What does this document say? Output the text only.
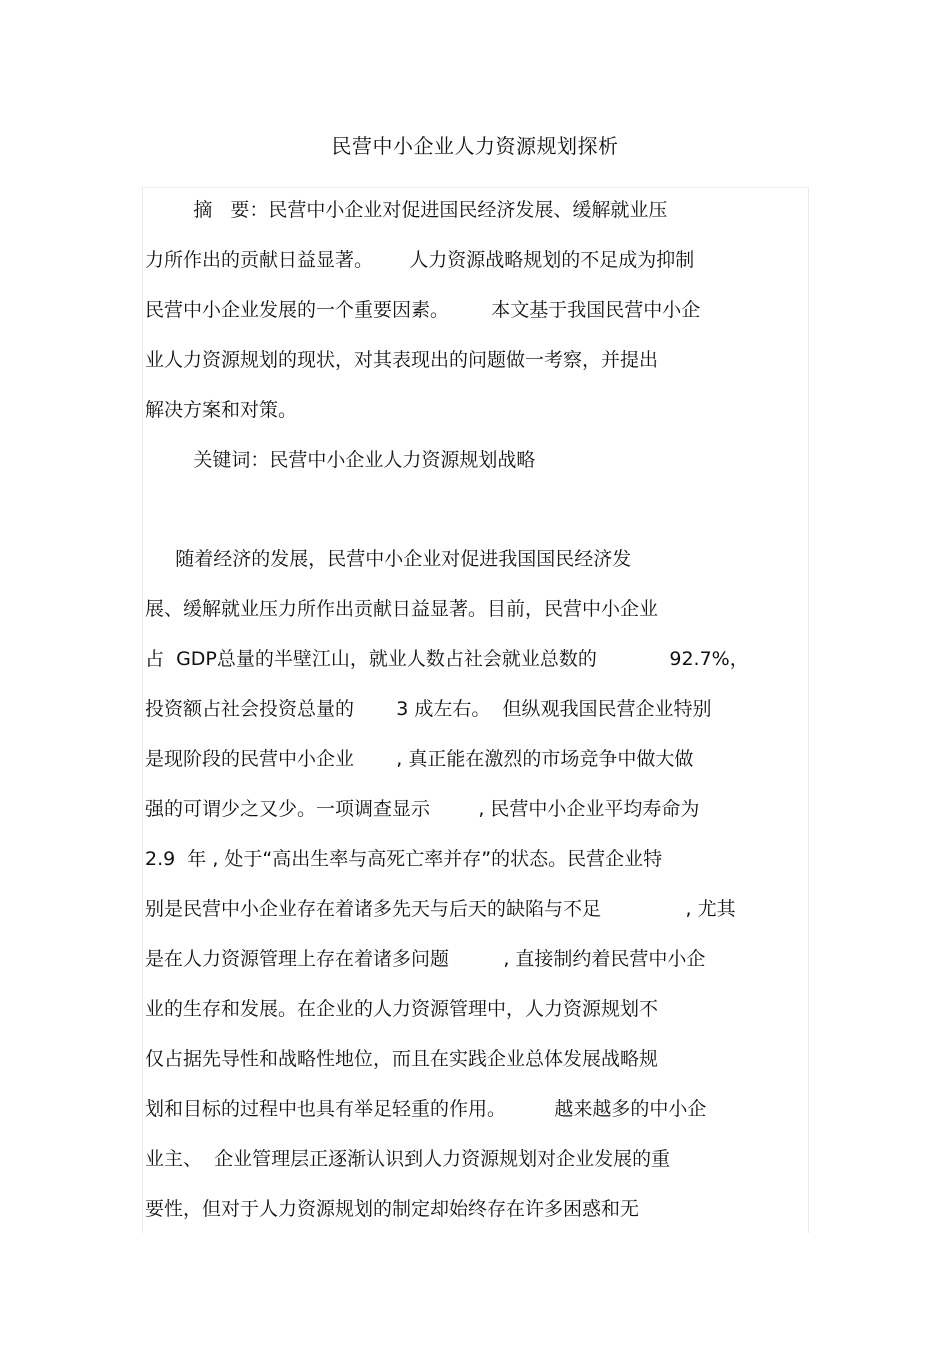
民营中小企业人力资源规划探析
摘   要：民营中小企业对促进国民经济发展、缓解就业压
力所作出的贡献日益显著。      人力资源战略规划的不足成为抑制
民营中小企业发展的一个重要因素。       本文基于我国民营中小企
业人力资源规划的现状，对其表现出的问题做一考察，并提出
解决方案和对策。
关键词：民营中小企业人力资源规划战略
随着经济的发展，民营中小企业对促进我国国民经济发
展、缓解就业压力所作出贡献日益显著。目前，民营中小企业
占  GDP总量的半壁江山，就业人数占社会就业总数的            92.7%，
投资额占社会投资总量的       3 成左右。  但纵观我国民营企业特别
是现阶段的民营中小企业       , 真正能在激烈的市场竞争中做大做
强的可谓少之又少。一项调查显示        , 民营中小企业平均寿命为
2.9  年 , 处于“高出生率与高死亡率并存”的状态。民营企业特
别是民营中小企业存在着诸多先天与后天的缺陷与不足              , 尤其
是在人力资源管理上存在着诸多问题         , 直接制约着民营中小企
业的生存和发展。在企业的人力资源管理中，人力资源规划不
仅占据先导性和战略性地位，而且在实践企业总体发展战略规
划和目标的过程中也具有举足轻重的作用。        越来越多的中小企
业主、  企业管理层正逐渐认识到人力资源规划对企业发展的重
要性，但对于人力资源规划的制定却始终存在许多困惑和无
